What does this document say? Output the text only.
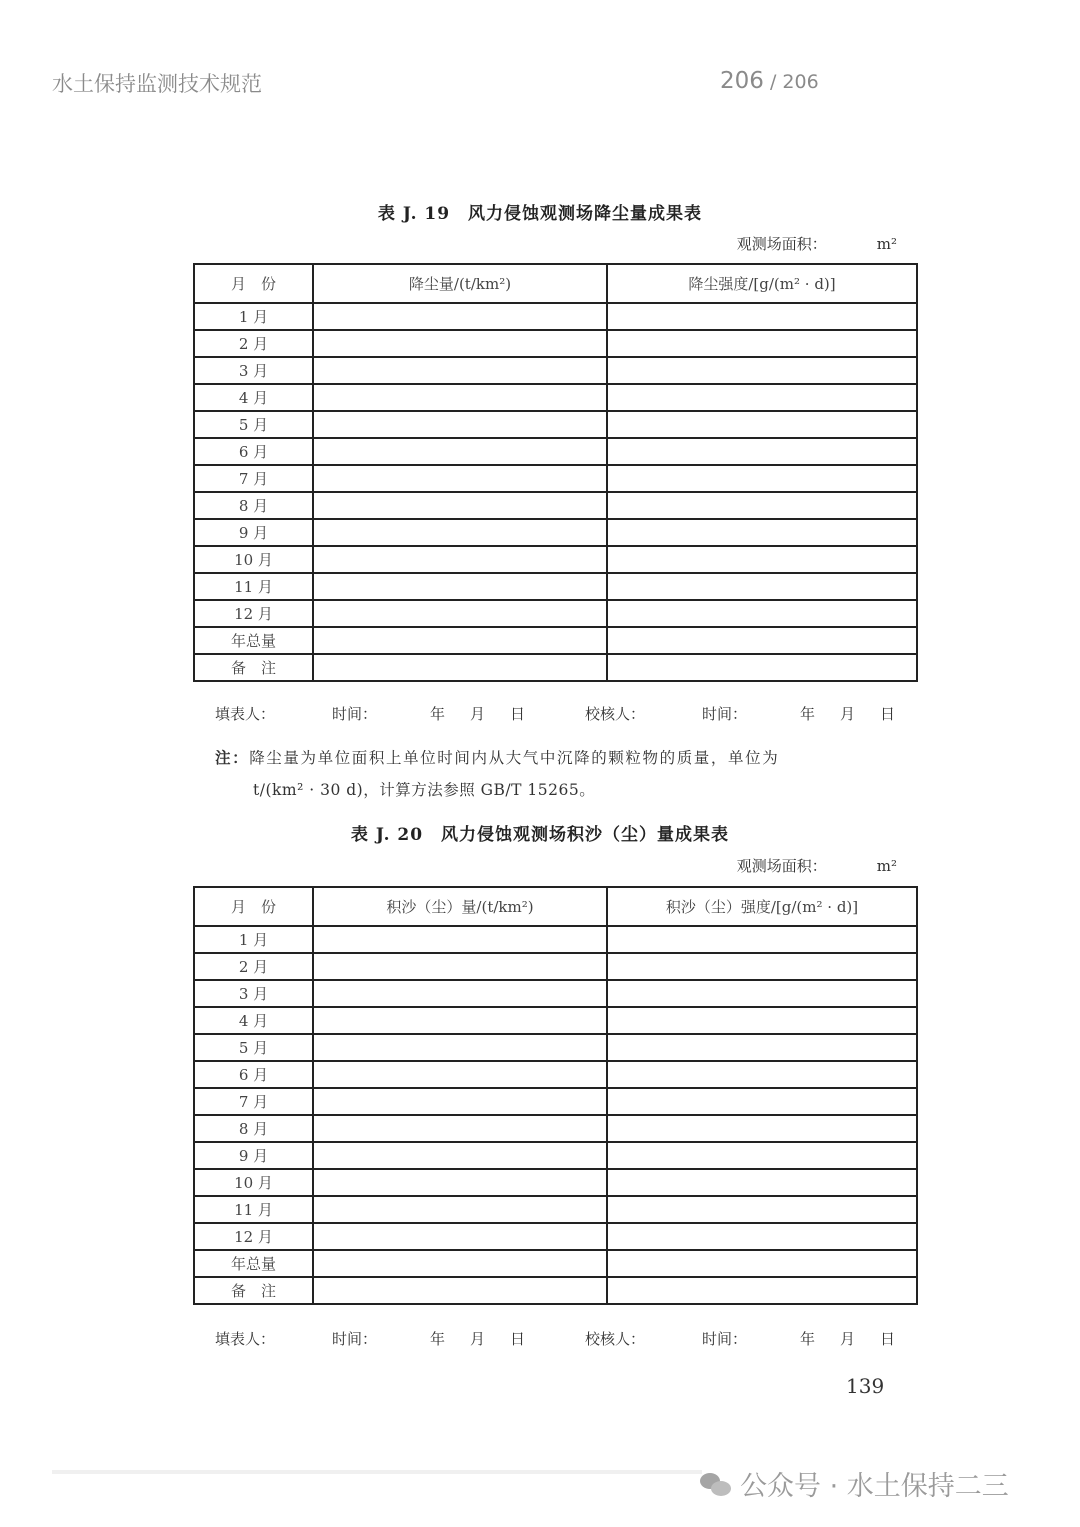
水土保持监测技术规范	206 / 206
表 J. 19　风力侵蚀观测场降尘量成果表
观测场面积：	m²
月　份	降尘量/(t/km²)	降尘强度/[g/(m² · d)]
1 月		
2 月		
3 月		
4 月		
5 月		
6 月		
7 月		
8 月		
9 月		
10 月		
11 月		
12 月		
年总量		
备　注		
填表人：	时间：	年 月 日	校核人：	时间：	年 月 日
注：降尘量为单位面积上单位时间内从大气中沉降的颗粒物的质量，单位为
t/(km² · 30 d)，计算方法参照 GB/T 15265。
表 J. 20　风力侵蚀观测场积沙（尘）量成果表
观测场面积：	m²
月　份	积沙（尘）量/(t/km²)	积沙（尘）强度/[g/(m² · d)]
1 月		
2 月		
3 月		
4 月		
5 月		
6 月		
7 月		
8 月		
9 月		
10 月		
11 月		
12 月		
年总量		
备　注		
填表人：	时间：	年 月 日	校核人：	时间：	年 月 日
139
公众号 · 水土保持二三
